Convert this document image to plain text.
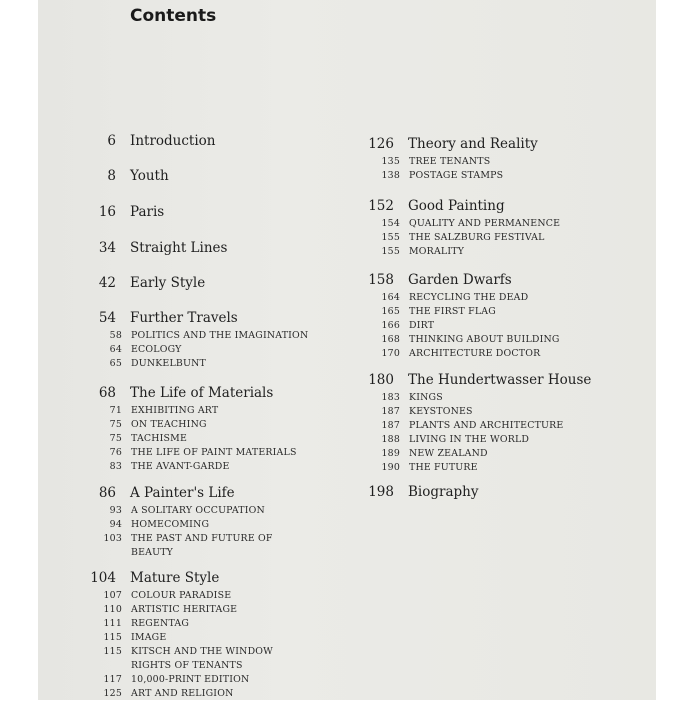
Contents
6 Introduction
8 Youth
16 Paris
34 Straight Lines
42 Early Style
54 Further Travels
58 POLITICS AND THE IMAGINATION
64 ECOLOGY
65 DUNKELBUNT
68 The Life of Materials
71 EXHIBITING ART
75 ON TEACHING
75 TACHISME
76 THE LIFE OF PAINT MATERIALS
83 THE AVANT-GARDE
86 A Painter's Life
93 A SOLITARY OCCUPATION
94 HOMECOMING
103 THE PAST AND FUTURE OF BEAUTY
104 Mature Style
107 COLOUR PARADISE
110 ARTISTIC HERITAGE
111 REGENTAG
115 IMAGE
115 KITSCH AND THE WINDOW RIGHTS OF TENANTS
117 10,000-PRINT EDITION
125 ART AND RELIGION
126 Theory and Reality
135 TREE TENANTS
138 POSTAGE STAMPS
152 Good Painting
154 QUALITY AND PERMANENCE
155 THE SALZBURG FESTIVAL
155 MORALITY
158 Garden Dwarfs
164 RECYCLING THE DEAD
165 THE FIRST FLAG
166 DIRT
168 THINKING ABOUT BUILDING
170 ARCHITECTURE DOCTOR
180 The Hundertwasser House
183 KINGS
187 KEYSTONES
187 PLANTS AND ARCHITECTURE
188 LIVING IN THE WORLD
189 NEW ZEALAND
190 THE FUTURE
198 Biography
